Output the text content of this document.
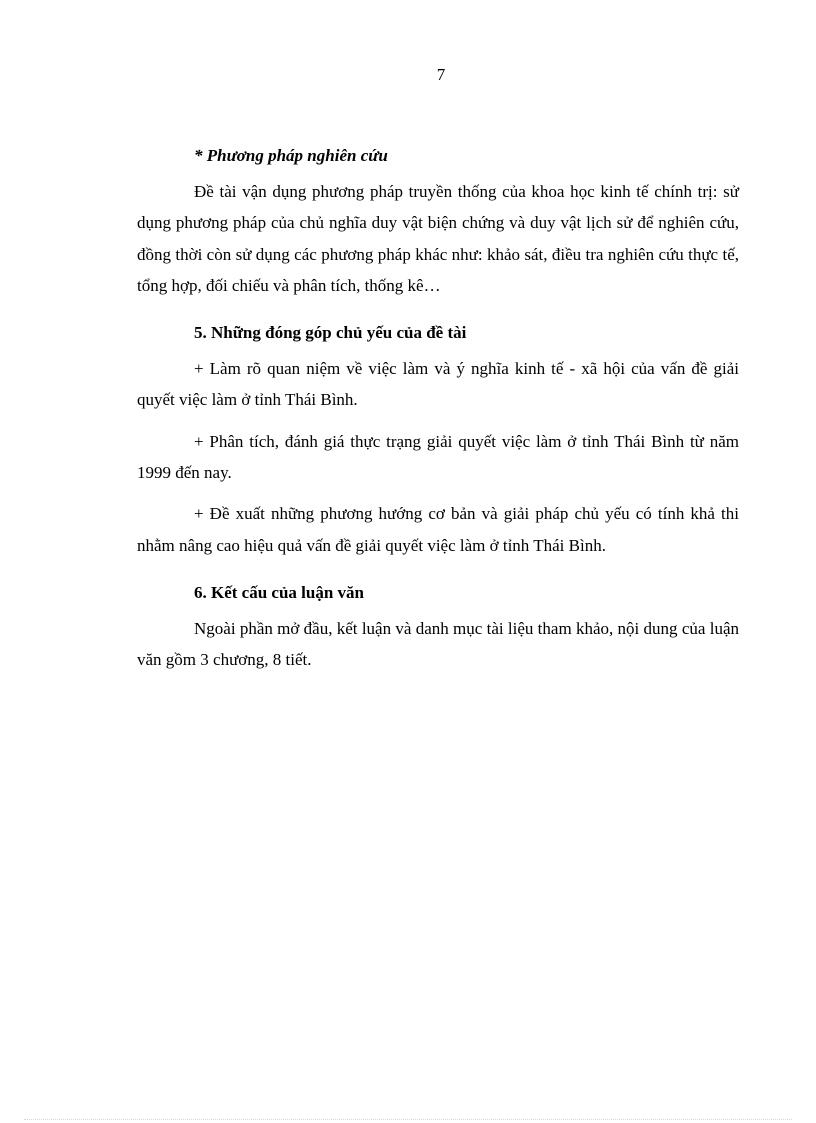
7
* Phương pháp nghiên cứu

Đề tài vận dụng phương pháp truyền thống của khoa học kinh tế chính trị: sử dụng phương pháp của chủ nghĩa duy vật biện chứng và duy vật lịch sử để nghiên cứu, đồng thời còn sử dụng các phương pháp khác như: khảo sát, điều tra nghiên cứu thực tế, tổng hợp, đối chiếu và phân tích, thống kê…

5. Những đóng góp chủ yếu của đề tài

+ Làm rõ quan niệm về việc làm và ý nghĩa kinh tế - xã hội của vấn đề giải quyết việc làm ở tỉnh Thái Bình.

+ Phân tích, đánh giá thực trạng giải quyết việc làm ở tỉnh Thái Bình từ năm 1999 đến nay.

+ Đề xuất những phương hướng cơ bản và giải pháp chủ yếu có tính khả thi nhằm nâng cao hiệu quả vấn đề giải quyết việc làm ở tỉnh Thái Bình.

6. Kết cấu của luận văn

Ngoài phần mở đầu, kết luận và danh mục tài liệu tham khảo, nội dung của luận văn gồm 3 chương, 8 tiết.
